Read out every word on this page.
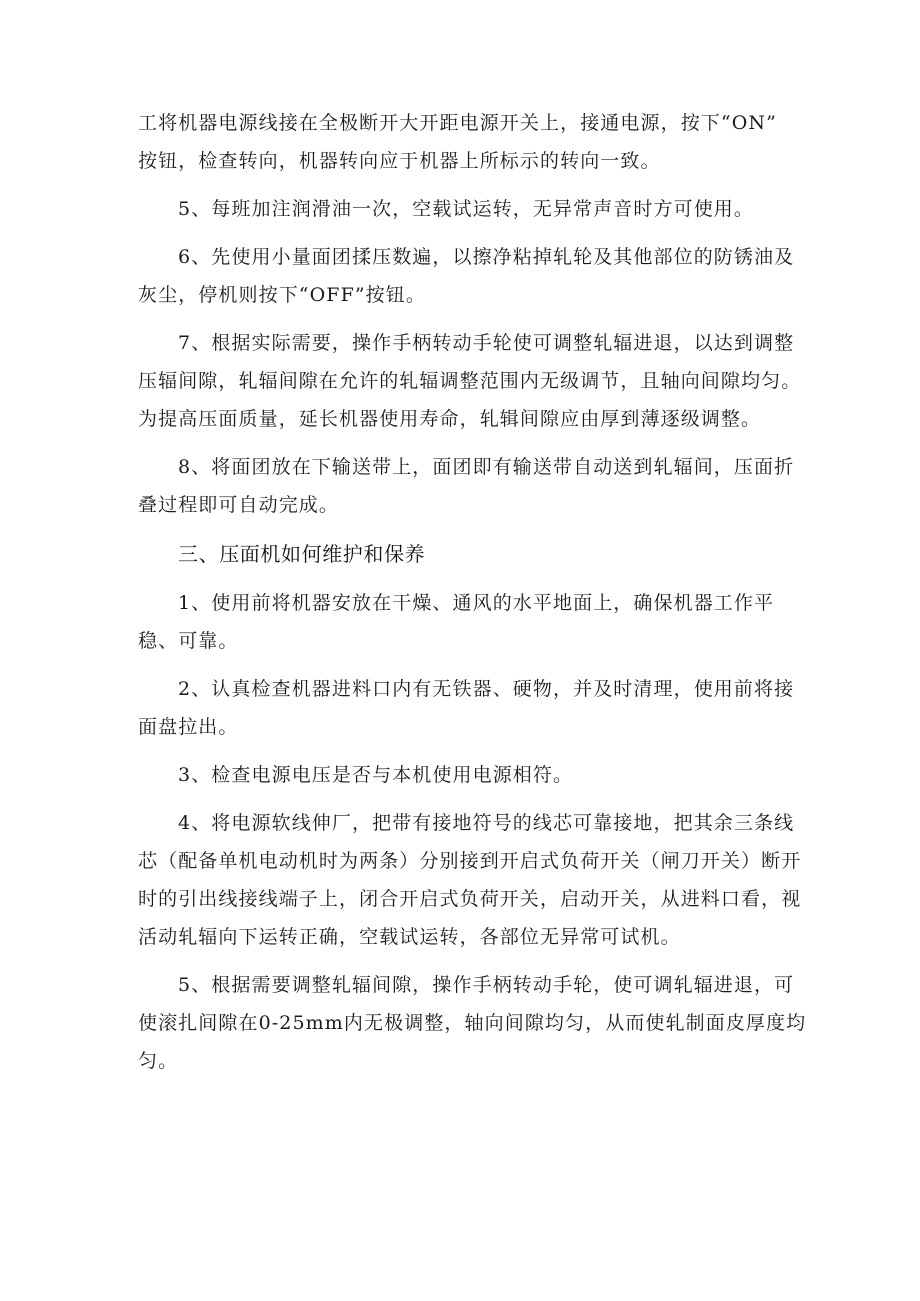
工将机器电源线接在全极断开大开距电源开关上，接通电源，按下“ON”
按钮，检查转向，机器转向应于机器上所标示的转向一致。

5、每班加注润滑油一次，空载试运转，无异常声音时方可使用。

6、先使用小量面团揉压数遍，以擦净粘掉轧轮及其他部位的防锈油及
灰尘，停机则按下“OFF”按钮。

7、根据实际需要，操作手柄转动手轮使可调整轧辐进退，以达到调整
压辐间隙，轧辐间隙在允许的轧辐调整范围内无级调节，且轴向间隙均匀。
为提高压面质量，延长机器使用寿命，轧辑间隙应由厚到薄逐级调整。

8、将面团放在下输送带上，面团即有输送带自动送到轧辐间，压面折
叠过程即可自动完成。

三、压面机如何维护和保养

1、使用前将机器安放在干燥、通风的水平地面上，确保机器工作平
稳、可靠。

2、认真检查机器进料口内有无铁器、硬物，并及时清理，使用前将接
面盘拉出。

3、检查电源电压是否与本机使用电源相符。

4、将电源软线伸厂，把带有接地符号的线芯可靠接地，把其余三条线
芯（配备单机电动机时为两条）分别接到开启式负荷开关（闸刀开关）断开
时的引出线接线端子上，闭合开启式负荷开关，启动开关，从进料口看，视
活动轧辐向下运转正确，空载试运转，各部位无异常可试机。

5、根据需要调整轧辐间隙，操作手柄转动手轮，使可调轧辐进退，可
使滚扎间隙在0-25mm内无极调整，轴向间隙均匀，从而使轧制面皮厚度均
匀。
